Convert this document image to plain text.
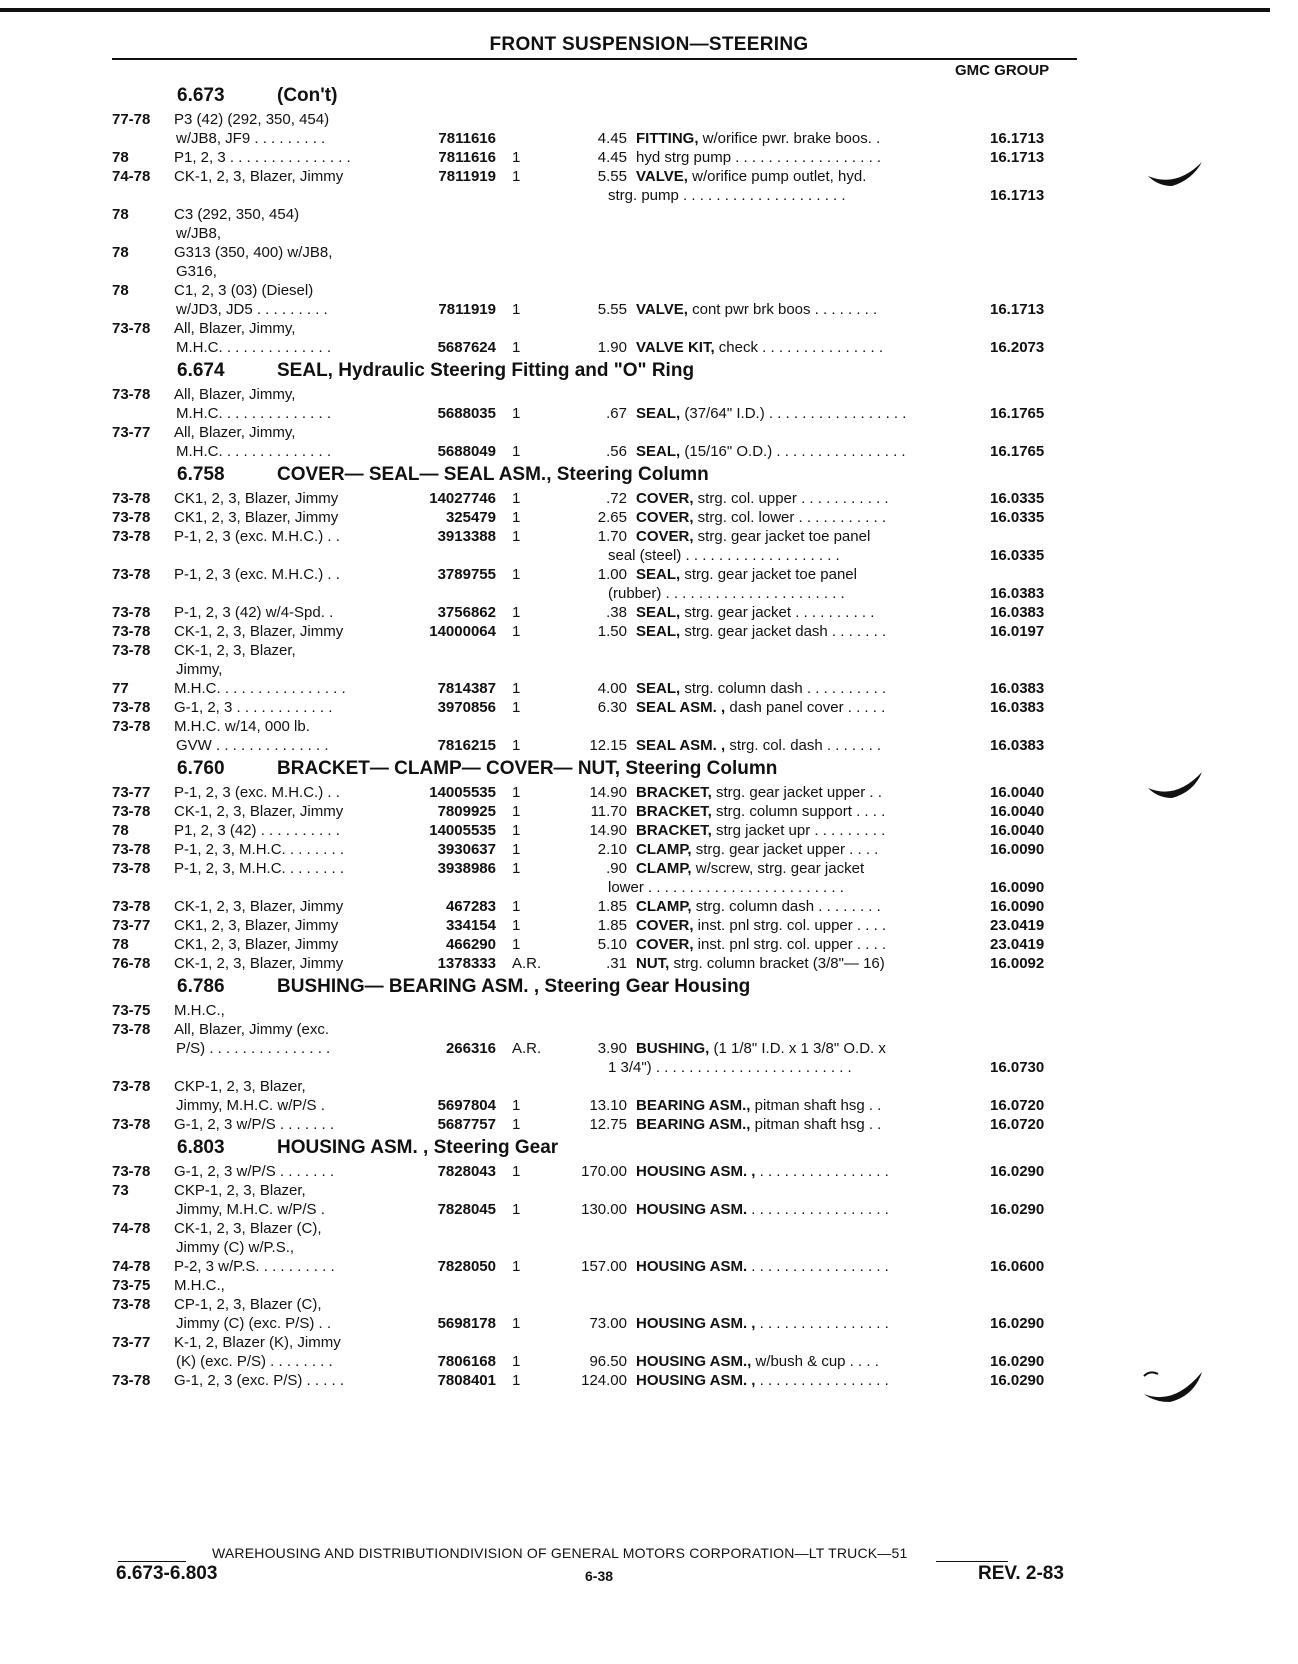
FRONT SUSPENSION—STEERING
GMC GROUP
6.673	(Con't)
77-78 P3 (42) (292, 350, 454)
w/JB8, JF9 . . . . . . . . .	7811616	4.45 FITTING, w/orifice pwr. brake boos. .	16.1713
78	P1, 2, 3 . . . . . . . . . . . . . . .	7811616 1	4.45 hyd strg pump . . . . . . . . . . . . . . . . . .	16.1713
74-78 CK-1, 2, 3, Blazer, Jimmy	7811919 1	5.55 VALVE, w/orifice pump outlet, hyd.
strg. pump . . . . . . . . . . . . . . . . . . . .	16.1713
78	C3 (292, 350, 454)
w/JB8,
78	G313 (350, 400) w/JB8,
G316,
78	C1, 2, 3 (03) (Diesel)
w/JD3, JD5 . . . . . . . . .	7811919 1	5.55 VALVE, cont pwr brk boos . . . . . . . .	16.1713
73-78 All, Blazer, Jimmy,
M.H.C. . . . . . . . . . . . . .	5687624 1	1.90 VALVE KIT, check . . . . . . . . . . . . . . .	16.2073
6.674	SEAL, Hydraulic Steering Fitting and "O" Ring
73-78 All, Blazer, Jimmy,
M.H.C. . . . . . . . . . . . . .	5688035 1	.67 SEAL, (37/64" I.D.) . . . . . . . . . . . . . . . . .	16.1765
73-77 All, Blazer, Jimmy,
M.H.C. . . . . . . . . . . . . .	5688049 1	.56 SEAL, (15/16" O.D.) . . . . . . . . . . . . . . . .	16.1765
6.758	COVER— SEAL— SEAL ASM., Steering Column
73-78 CK1, 2, 3, Blazer, Jimmy	14027746 1	.72 COVER, strg. col. upper . . . . . . . . . . .	16.0335
73-78 CK1, 2, 3, Blazer, Jimmy	325479 1	2.65 COVER, strg. col. lower . . . . . . . . . . .	16.0335
73-78 P-1, 2, 3 (exc. M.H.C.) . .	3913388 1	1.70 COVER, strg. gear jacket toe panel
seal (steel) . . . . . . . . . . . . . . . . . . .	16.0335
73-78 P-1, 2, 3 (exc. M.H.C.) . .	3789755 1	1.00 SEAL, strg. gear jacket toe panel
(rubber) . . . . . . . . . . . . . . . . . . . . . .	16.0383
73-78 P-1, 2, 3 (42) w/4-Spd. .	3756862 1	.38 SEAL, strg. gear jacket . . . . . . . . . .	16.0383
73-78 CK-1, 2, 3, Blazer, Jimmy	14000064 1	1.50 SEAL, strg. gear jacket dash . . . . . . .	16.0197
73-78 CK-1, 2, 3, Blazer,
Jimmy,
77	M.H.C. . . . . . . . . . . . . . . .	7814387 1	4.00 SEAL, strg. column dash . . . . . . . . . .	16.0383
73-78 G-1, 2, 3 . . . . . . . . . . . .	3970856 1	6.30 SEAL ASM. , dash panel cover . . . . .	16.0383
73-78 M.H.C. w/14, 000 lb.
GVW . . . . . . . . . . . . . .	7816215 1	12.15 SEAL ASM. , strg. col. dash . . . . . . .	16.0383
6.760	BRACKET— CLAMP— COVER— NUT, Steering Column
73-77 P-1, 2, 3 (exc. M.H.C.) . .	14005535 1	14.90 BRACKET, strg. gear jacket upper . .	16.0040
73-78 CK-1, 2, 3, Blazer, Jimmy	7809925 1	11.70 BRACKET, strg. column support . . . .	16.0040
78	P1, 2, 3 (42) . . . . . . . . . .	14005535 1	14.90 BRACKET, strg jacket upr . . . . . . . . .	16.0040
73-78 P-1, 2, 3, M.H.C. . . . . . . .	3930637 1	2.10 CLAMP, strg. gear jacket upper . . . .	16.0090
73-78 P-1, 2, 3, M.H.C. . . . . . . .	3938986 1	.90 CLAMP, w/screw, strg. gear jacket
lower . . . . . . . . . . . . . . . . . . . . . . . .	16.0090
73-78 CK-1, 2, 3, Blazer, Jimmy	467283 1	1.85 CLAMP, strg. column dash . . . . . . . .	16.0090
73-77 CK1, 2, 3, Blazer, Jimmy	334154 1	1.85 COVER, inst. pnl strg. col. upper . . . .	23.0419
78	CK1, 2, 3, Blazer, Jimmy	466290 1	5.10 COVER, inst. pnl strg. col. upper . . . .	23.0419
76-78 CK-1, 2, 3, Blazer, Jimmy	1378333 A.R.	.31 NUT, strg. column bracket (3/8"— 16)	16.0092
6.786	BUSHING— BEARING ASM. , Steering Gear Housing
73-75 M.H.C.,
73-78 All, Blazer, Jimmy (exc.
P/S) . . . . . . . . . . . . . . .	266316 A.R.	3.90 BUSHING, (1 1/8" I.D. x 1 3/8" O.D. x
1 3/4") . . . . . . . . . . . . . . . . . . . . . . . .	16.0730
73-78 CKP-1, 2, 3, Blazer,
Jimmy, M.H.C. w/P/S .	5697804 1	13.10 BEARING ASM., pitman shaft hsg . .	16.0720
73-78 G-1, 2, 3 w/P/S . . . . . . .	5687757 1	12.75 BEARING ASM., pitman shaft hsg . .	16.0720
6.803	HOUSING ASM. , Steering Gear
73-78 G-1, 2, 3 w/P/S . . . . . . .	7828043 1	170.00 HOUSING ASM. , . . . . . . . . . . . . . . . .	16.0290
73	CKP-1, 2, 3, Blazer,
Jimmy, M.H.C. w/P/S .	7828045 1	130.00 HOUSING ASM. . . . . . . . . . . . . . . . . .	16.0290
74-78 CK-1, 2, 3, Blazer (C),
Jimmy (C) w/P.S.,
74-78 P-2, 3 w/P.S. . . . . . . . . .	7828050 1	157.00 HOUSING ASM. . . . . . . . . . . . . . . . . .	16.0600
73-75 M.H.C.,
73-78 CP-1, 2, 3, Blazer (C),
Jimmy (C) (exc. P/S) . .	5698178 1	73.00 HOUSING ASM. , . . . . . . . . . . . . . . . .	16.0290
73-77 K-1, 2, Blazer (K), Jimmy
(K) (exc. P/S) . . . . . . . .	7806168 1	96.50 HOUSING ASM., w/bush & cup . . . .	16.0290
73-78 G-1, 2, 3 (exc. P/S) . . . . .	7808401 1	124.00 HOUSING ASM. , . . . . . . . . . . . . . . . .	16.0290
WAREHOUSING AND DISTRIBUTIONDIVISION OF GENERAL MOTORS CORPORATION—LT TRUCK—51
6.673-6.803	6-38	REV. 2-83
